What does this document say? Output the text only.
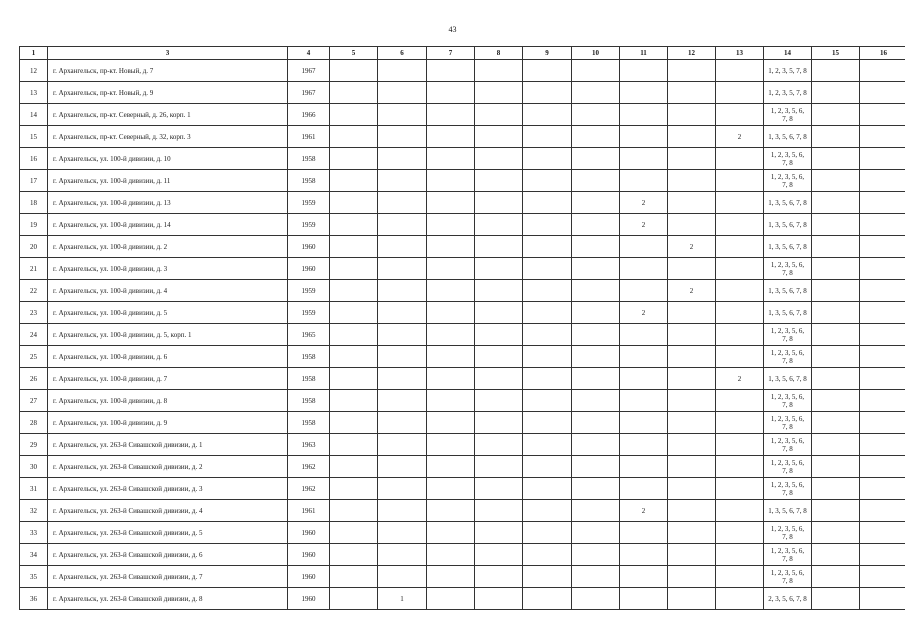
43
1	3	4	5	6	7	8	9	10	11	12	13	14	15	16
12	г. Архангельск, пр-кт. Новый, д. 7	1967										1, 2, 3, 5, 7, 8		
13	г. Архангельск, пр-кт. Новый, д. 9	1967										1, 2, 3, 5, 7, 8		
14	г. Архангельск, пр-кт. Северный, д. 26, корп. 1	1966										1, 2, 3, 5, 6, 7, 8		
15	г. Архангельск, пр-кт. Северный, д. 32, корп. 3	1961									2	1, 3, 5, 6, 7, 8		
16	г. Архангельск, ул. 100-й дивизии, д. 10	1958										1, 2, 3, 5, 6, 7, 8		
17	г. Архангельск, ул. 100-й дивизии, д. 11	1958										1, 2, 3, 5, 6, 7, 8		
18	г. Архангельск, ул. 100-й дивизии, д. 13	1959							2			1, 3, 5, 6, 7, 8		
19	г. Архангельск, ул. 100-й дивизии, д. 14	1959							2			1, 3, 5, 6, 7, 8		
20	г. Архангельск, ул. 100-й дивизии, д. 2	1960								2		1, 3, 5, 6, 7, 8		
21	г. Архангельск, ул. 100-й дивизии, д. 3	1960										1, 2, 3, 5, 6, 7, 8		
22	г. Архангельск, ул. 100-й дивизии, д. 4	1959								2		1, 3, 5, 6, 7, 8		
23	г. Архангельск, ул. 100-й дивизии, д. 5	1959							2			1, 3, 5, 6, 7, 8		
24	г. Архангельск, ул. 100-й дивизии, д. 5, корп. 1	1965										1, 2, 3, 5, 6, 7, 8		
25	г. Архангельск, ул. 100-й дивизии, д. 6	1958										1, 2, 3, 5, 6, 7, 8		
26	г. Архангельск, ул. 100-й дивизии, д. 7	1958									2	1, 3, 5, 6, 7, 8		
27	г. Архангельск, ул. 100-й дивизии, д. 8	1958										1, 2, 3, 5, 6, 7, 8		
28	г. Архангельск, ул. 100-й дивизии, д. 9	1958										1, 2, 3, 5, 6, 7, 8		
29	г. Архангельск, ул. 263-й Сивашской дивизии, д. 1	1963										1, 2, 3, 5, 6, 7, 8		
30	г. Архангельск, ул. 263-й Сивашской дивизии, д. 2	1962										1, 2, 3, 5, 6, 7, 8		
31	г. Архангельск, ул. 263-й Сивашской дивизии, д. 3	1962										1, 2, 3, 5, 6, 7, 8		
32	г. Архангельск, ул. 263-й Сивашской дивизии, д. 4	1961							2			1, 3, 5, 6, 7, 8		
33	г. Архангельск, ул. 263-й Сивашской дивизии, д. 5	1960										1, 2, 3, 5, 6, 7, 8		
34	г. Архангельск, ул. 263-й Сивашской дивизии, д. 6	1960										1, 2, 3, 5, 6, 7, 8		
35	г. Архангельск, ул. 263-й Сивашской дивизии, д. 7	1960										1, 2, 3, 5, 6, 7, 8		
36	г. Архангельск, ул. 263-й Сивашской дивизии, д. 8	1960		1								2, 3, 5, 6, 7, 8		
